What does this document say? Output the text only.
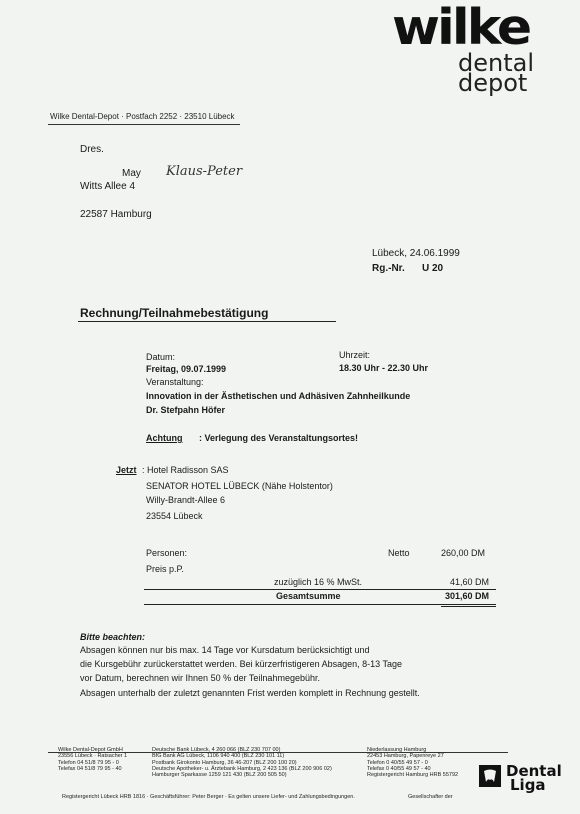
wilke
dental
depot
Wilke Dental-Depot · Postfach 2252 · 23510 Lübeck
Dres.
May Klaus-Peter
Witts Allee 4
22587 Hamburg
Lübeck, 24.06.1999
Rg.-Nr. U 20
Rechnung/Teilnahmebestätigung
Datum:
Freitag, 09.07.1999
Uhrzeit:
18.30 Uhr - 22.30 Uhr
Veranstaltung:
Innovation in der Ästhetischen und Adhäsiven Zahnheilkunde
Dr. Stefpahn Höfer
Achtung : Verlegung des Veranstaltungsortes!
Jetzt : Hotel Radisson SAS
SENATOR HOTEL LÜBECK (Nähe Holstentor)
Willy-Brandt-Allee 6
23554 Lübeck
Personen:
Preis p.P.
Netto	260,00 DM
zuzüglich 16 % MwSt.	41,60 DM
Gesamtsumme	301,60 DM
Bitte beachten:
Absagen können nur bis max. 14 Tage vor Kursdatum berücksichtigt und
die Kursgebühr zurückerstattet werden. Bei kürzerfristigeren Absagen, 8-13 Tage
vor Datum, berechnen wir Ihnen 50 % der Teilnahmegebühr.
Absagen unterhalb der zuletzt genannten Frist werden komplett in Rechnung gestellt.
Wilke Dental-Depot GmbH
23556 Lübeck · Ratsacher 1
Telefon 04 51/8 79 95 - 0
Telefax 04 51/8 79 95 - 40
Deutsche Bank Lübeck, 4 260 066 (BLZ 230 707 00)
BfG Bank AG Lübeck, 1106 940 400 (BLZ 230 101 11)
Postbank Girokonto Hamburg, 36 46-207 (BLZ 200 100 20)
Deutsche Apotheker- u. Ärztebank Hamburg, 2 423 136 (BLZ 200 906 02)
Hamburger Sparkasse 1259 121 430 (BLZ 200 505 50)
Niederlassung Hamburg
22453 Hamburg, Papenreye 27
Telefon 0 40/55 49 57 - 0
Telefax 0 40/55 49 57 - 40
Registergericht Hamburg HRB 55792
Registergericht Lübeck HRB 1816 · Geschäftsführer: Peter Berger · Es gelten unsere Liefer- und Zahlungsbedingungen.	Gesellschafter der
Dental
Liga
